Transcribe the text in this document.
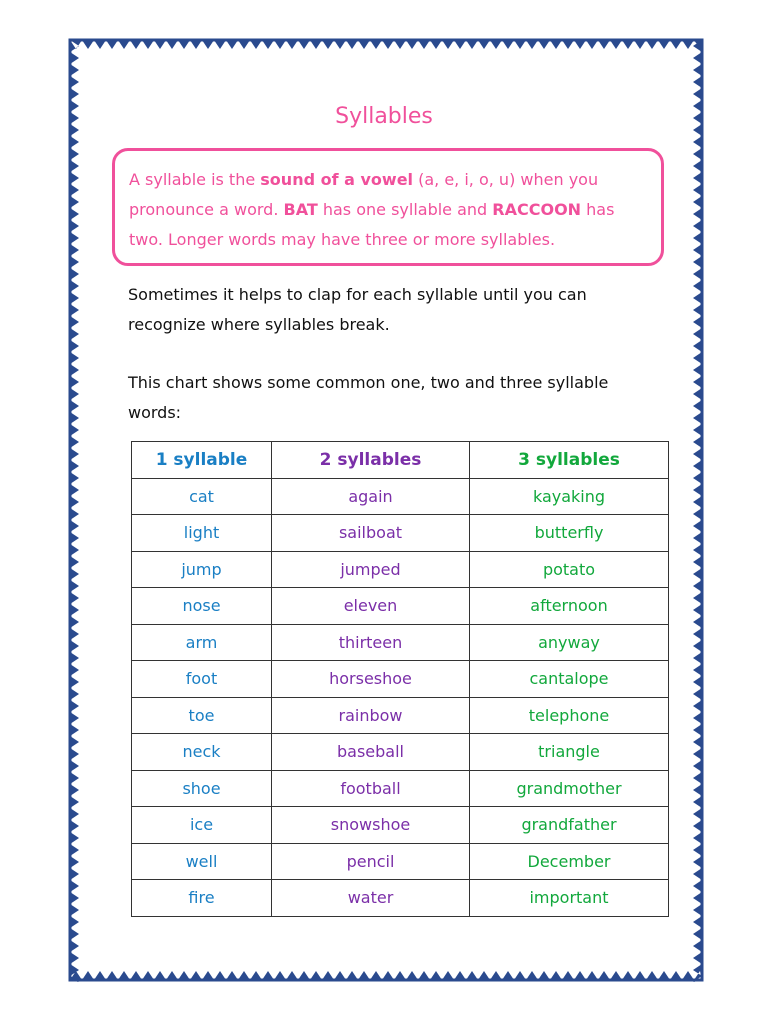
Syllables
A syllable is the sound of a vowel (a, e, i, o, u) when you pronounce a word. BAT has one syllable and RACCOON has two. Longer words may have three or more syllables.
Sometimes it helps to clap for each syllable until you can recognize where syllables break.
This chart shows some common one, two and three syllable words:
1 syllable	2 syllables	3 syllables
cat	again	kayaking
light	sailboat	butterfly
jump	jumped	potato
nose	eleven	afternoon
arm	thirteen	anyway
foot	horseshoe	cantalope
toe	rainbow	telephone
neck	baseball	triangle
shoe	football	grandmother
ice	snowshoe	grandfather
well	pencil	December
fire	water	important
